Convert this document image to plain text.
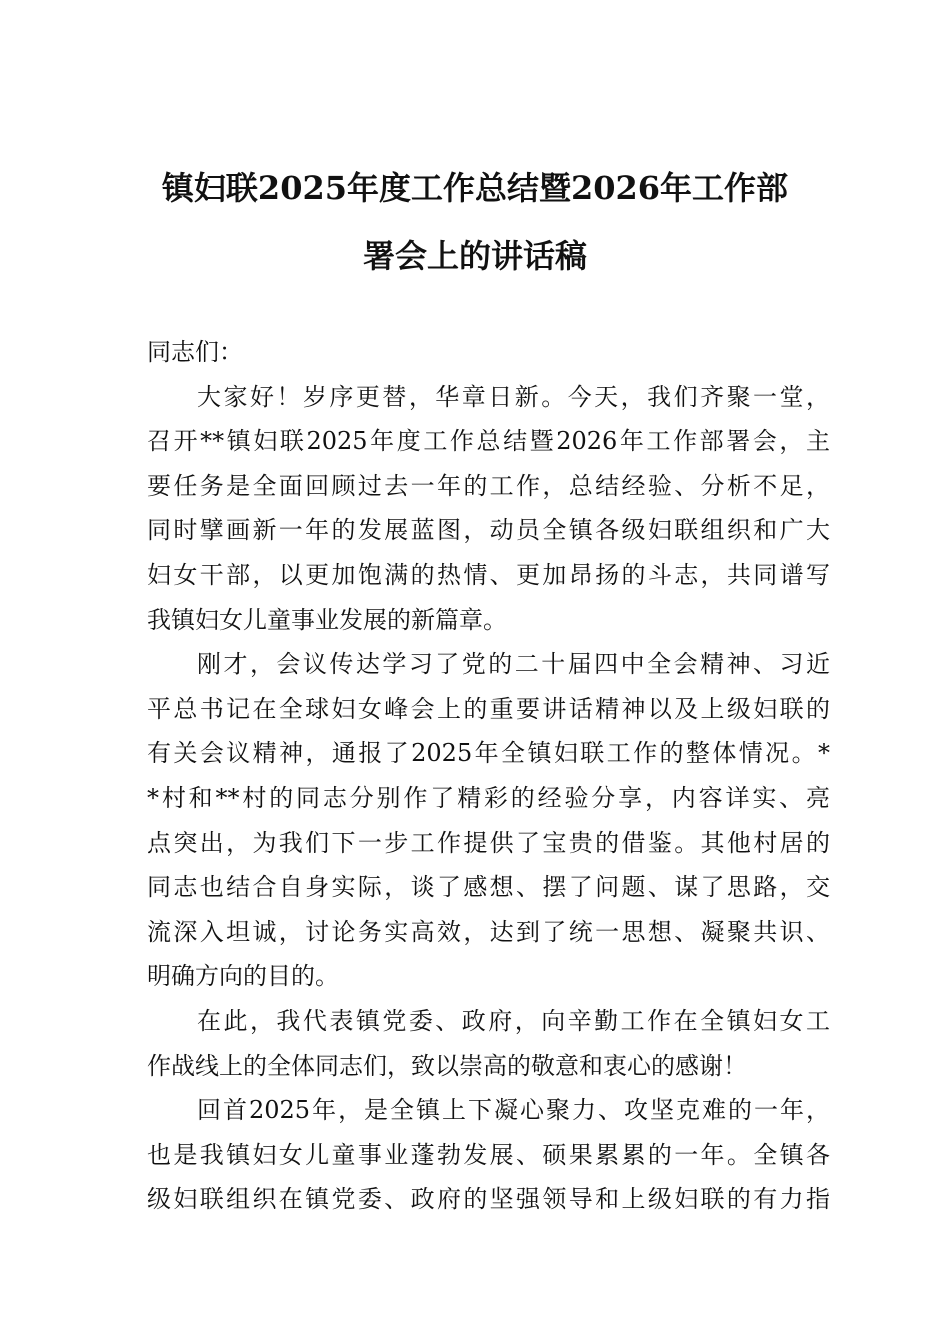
镇妇联2025年度工作总结暨2026年工作部
署会上的讲话稿
同志们：
大家好！岁序更替，华章日新。今天，我们齐聚一堂，
召开**镇妇联2025年度工作总结暨2026年工作部署会，主
要任务是全面回顾过去一年的工作，总结经验、分析不足，
同时擘画新一年的发展蓝图，动员全镇各级妇联组织和广大
妇女干部，以更加饱满的热情、更加昂扬的斗志，共同谱写
我镇妇女儿童事业发展的新篇章。
刚才，会议传达学习了党的二十届四中全会精神、习近
平总书记在全球妇女峰会上的重要讲话精神以及上级妇联的
有关会议精神，通报了2025年全镇妇联工作的整体情况。*
*村和**村的同志分别作了精彩的经验分享，内容详实、亮
点突出，为我们下一步工作提供了宝贵的借鉴。其他村居的
同志也结合自身实际，谈了感想、摆了问题、谋了思路，交
流深入坦诚，讨论务实高效，达到了统一思想、凝聚共识、
明确方向的目的。
在此，我代表镇党委、政府，向辛勤工作在全镇妇女工
作战线上的全体同志们，致以崇高的敬意和衷心的感谢！
回首2025年，是全镇上下凝心聚力、攻坚克难的一年，
也是我镇妇女儿童事业蓬勃发展、硕果累累的一年。全镇各
级妇联组织在镇党委、政府的坚强领导和上级妇联的有力指
